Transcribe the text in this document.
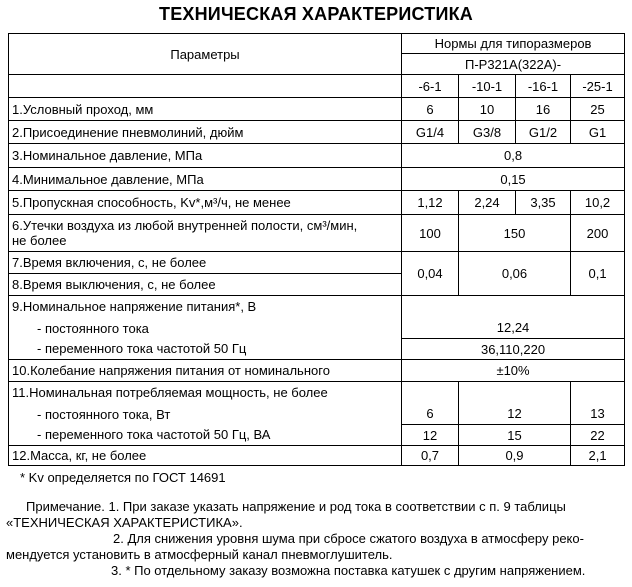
ТЕХНИЧЕСКАЯ ХАРАКТЕРИСТИКА
Параметры	Нормы для типоразмеров			
	П-Р321А(322А)-			
	-6-1	-10-1	-16-1	-25-1
1.Условный проход, мм	6	10	16	25
2.Присоединение пневмолиний, дюйм	G1/4	G3/8	G1/2	G1
3.Номинальное давление, МПа	0,8			
4.Минимальное давление, МПа	0,15			
5.Пропускная способность, Kv*,м³/ч, не менее	1,12	2,24	3,35	10,2

6.Утечки воздуха из любой внутренней полости, см³/мин,
не более	100	150		200
7.Время включения, с, не более	0,04	0,06		0,1
8.Время выключения, с, не более				
9.Номинальное напряжение питания*, В				
- постоянного тока	12,24			
- переменного тока частотой 50 Гц	36,110,220			
10.Колебание напряжения питания от номинального	±10%			
11.Номинальная потребляемая мощность, не более				
- постоянного тока, Вт	6	12		13
- переменного тока частотой 50 Гц, ВА	12	15		22
12.Масса, кг, не более	0,7	0,9		2,1
* Kv определяется по ГОСТ 14691
Примечание. 1. При заказе указать напряжение и род тока в соответствии с п. 9 таблицы
«ТЕХНИЧЕСКАЯ ХАРАКТЕРИСТИКА».
2. Для снижения уровня шума при сбросе сжатого воздуха в атмосферу реко-
мендуется установить в атмосферный канал пневмоглушитель.
3. * По отдельному заказу возможна поставка катушек с другим напряжением.
